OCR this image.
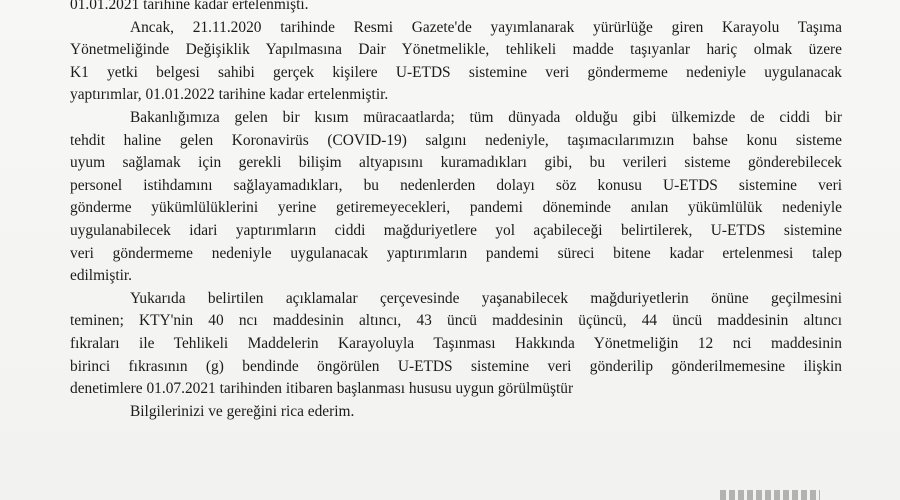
01.01.2021 tarihine kadar ertelenmişti.

Ancak, 21.11.2020 tarihinde Resmi Gazete'de yayımlanarak yürürlüğe giren Karayolu Taşıma
Yönetmeliğinde Değişiklik Yapılmasına Dair Yönetmelikle, tehlikeli madde taşıyanlar hariç olmak üzere
K1 yetki belgesi sahibi gerçek kişilere U-ETDS sistemine veri göndermeme nedeniyle uygulanacak
yaptırımlar, 01.01.2022 tarihine kadar ertelenmiştir.

Bakanlığımıza gelen bir kısım müracaatlarda; tüm dünyada olduğu gibi ülkemizde de ciddi bir
tehdit haline gelen Koronavirüs (COVID-19) salgını nedeniyle, taşımacılarımızın bahse konu sisteme
uyum sağlamak için gerekli bilişim altyapısını kuramadıkları gibi, bu verileri sisteme gönderebilecek
personel istihdamını sağlayamadıkları, bu nedenlerden dolayı söz konusu U-ETDS sistemine veri
gönderme yükümlülüklerini yerine getiremeyecekleri, pandemi döneminde anılan yükümlülük nedeniyle
uygulanabilecek idari yaptırımların ciddi mağduriyetlere yol açabileceği belirtilerek, U-ETDS sistemine
veri göndermeme nedeniyle uygulanacak yaptırımların pandemi süreci bitene kadar ertelenmesi talep
edilmiştir.

Yukarıda belirtilen açıklamalar çerçevesinde yaşanabilecek mağduriyetlerin önüne geçilmesini
teminen; KTY'nin 40 ncı maddesinin altıncı, 43 üncü maddesinin üçüncü, 44 üncü maddesinin altıncı
fıkraları ile Tehlikeli Maddelerin Karayoluyla Taşınması Hakkında Yönetmeliğin 12 nci maddesinin
birinci fıkrasının (g) bendinde öngörülen U-ETDS sistemine veri gönderilip gönderilmemesine ilişkin
denetimlere 01.07.2021 tarihinden itibaren başlanması hususu uygun görülmüştür

Bilgilerinizi ve gereğini rica ederim.
